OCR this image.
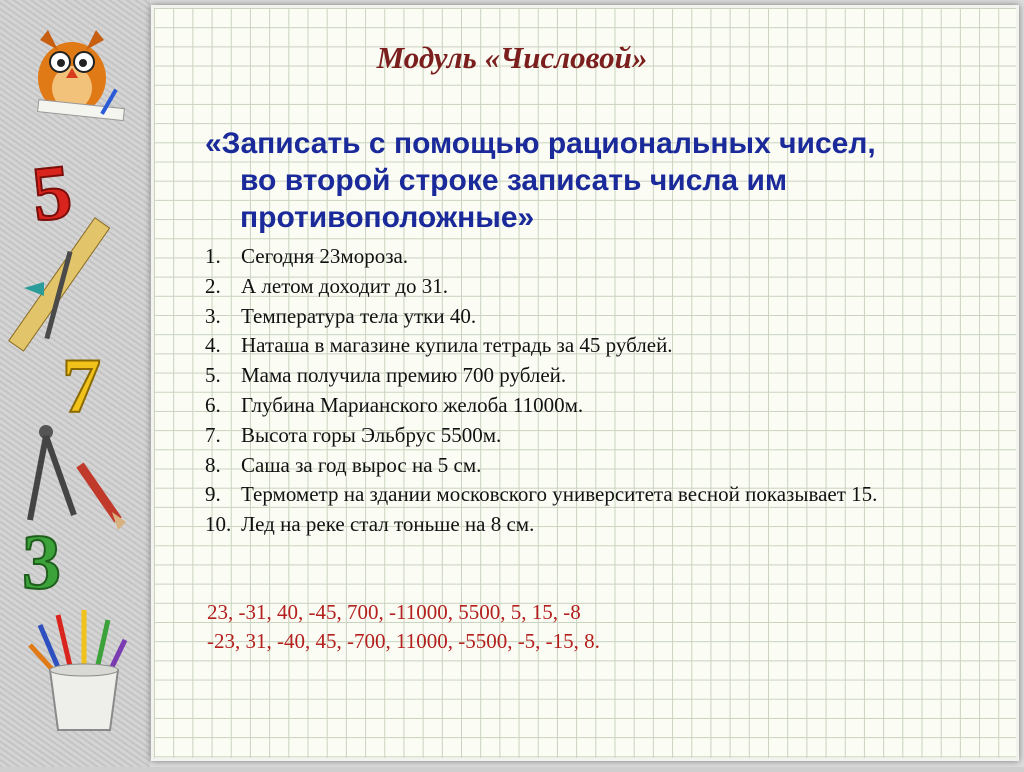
5
7
3
Модуль «Числовой»
«Записать с помощью рациональных чисел,
во второй строке записать числа им
противоположные»
1. Сегодня 23мороза.
2. А летом доходит до 31.
3. Температура тела утки 40.
4. Наташа в магазине купила тетрадь за 45 рублей.
5. Мама получила премию 700 рублей.
6. Глубина Марианского желоба 11000м.
7. Высота горы Эльбрус 5500м.
8. Саша за год вырос на 5 см.
9. Термометр на здании московского университета весной показывает 15.
10. Лед на реке стал тоньше на 8 см.
23, -31, 40, -45, 700, -11000, 5500, 5, 15, -8
-23, 31, -40, 45, -700, 11000, -5500, -5, -15, 8.
